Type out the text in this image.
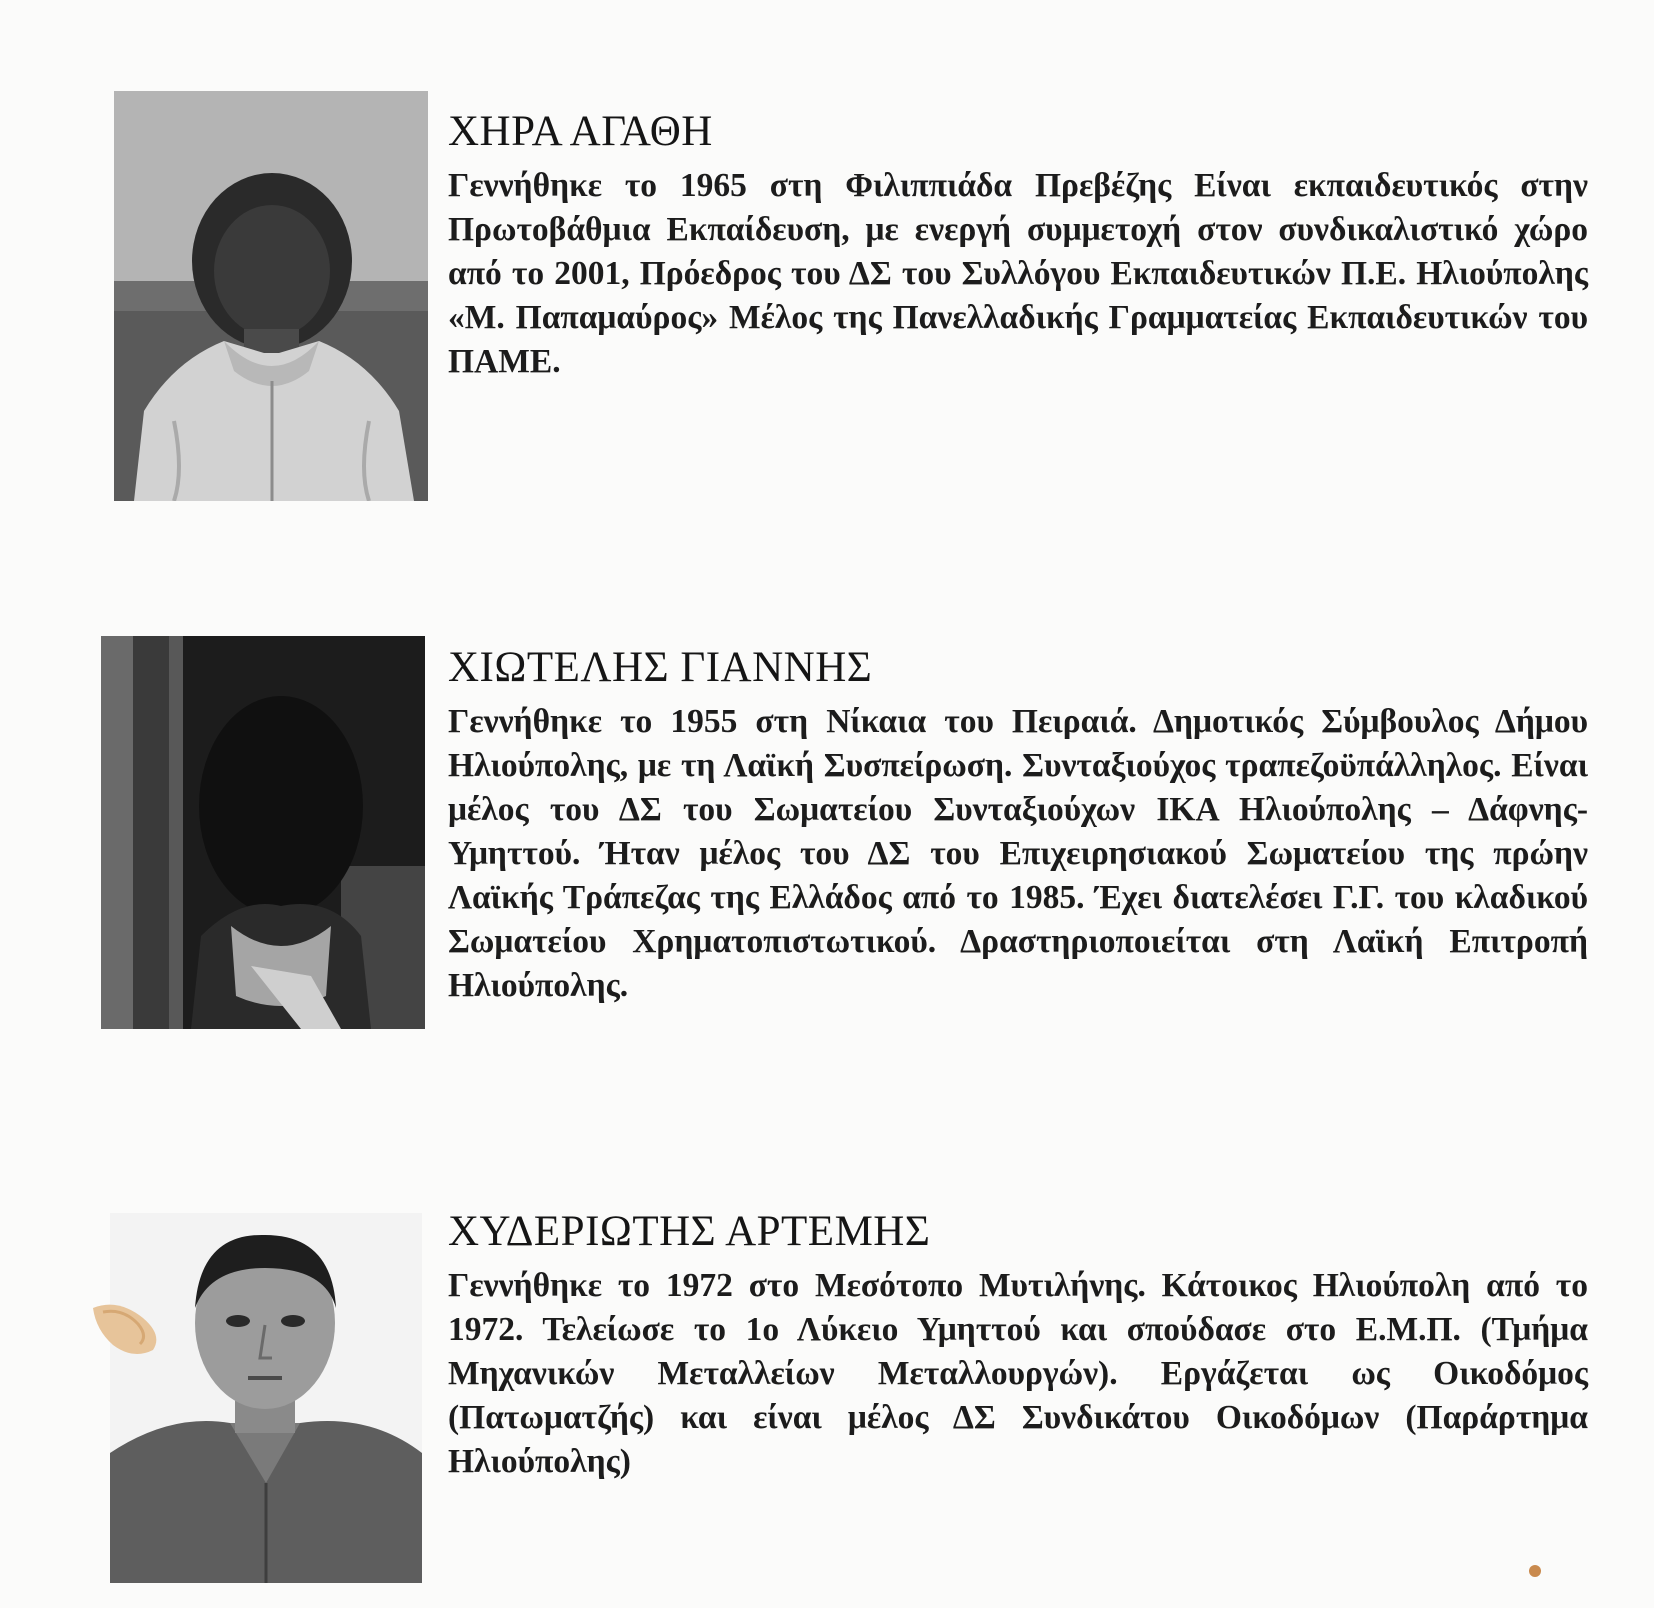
ΧΗΡΑ ΑΓΑΘΗ

Γεννήθηκε το 1965 στη Φιλιππιάδα Πρεβέζης Είναι εκπαιδευτικός στην Πρωτοβάθμια Εκπαίδευση, με ενεργή συμμετοχή στον συνδικαλιστικό χώρο από το 2001, Πρόεδρος του ΔΣ του Συλλόγου Εκπαιδευτικών Π.Ε. Ηλιούπολης «Μ. Παπαμαύρος» Μέλος της Πανελλαδικής Γραμματείας Εκπαιδευτικών του ΠΑΜΕ.

ΧΙΩΤΕΛΗΣ ΓΙΑΝΝΗΣ

Γεννήθηκε το 1955 στη Νίκαια του Πειραιά. Δημοτικός Σύμβουλος Δήμου Ηλιούπολης, με τη Λαϊκή Συσπείρωση. Συνταξιούχος τραπεζοϋπάλληλος. Είναι μέλος του ΔΣ του Σωματείου Συνταξιούχων ΙΚΑ Ηλιούπολης – Δάφνης-Υμηττού. Ήταν μέλος του ΔΣ του Επιχειρησιακού Σωματείου της πρώην Λαϊκής Τράπεζας της Ελλάδος από το 1985. Έχει διατελέσει Γ.Γ. του κλαδικού Σωματείου Χρηματοπιστωτικού. Δραστηριοποιείται στη Λαϊκή Επιτροπή Ηλιούπολης.

ΧΥΔΕΡΙΩΤΗΣ ΑΡΤΕΜΗΣ

Γεννήθηκε το 1972 στο Μεσότοπο Μυτιλήνης. Κάτοικος Ηλιούπολη από το 1972. Τελείωσε το 1ο Λύκειο Υμηττού και σπούδασε στο Ε.Μ.Π. (Τμήμα Μηχανικών Μεταλλείων Μεταλλουργών). Εργάζεται ως Οικοδόμος (Πατωματζής) και είναι μέλος ΔΣ Συνδικάτου Οικοδόμων (Παράρτημα Ηλιούπολης)
